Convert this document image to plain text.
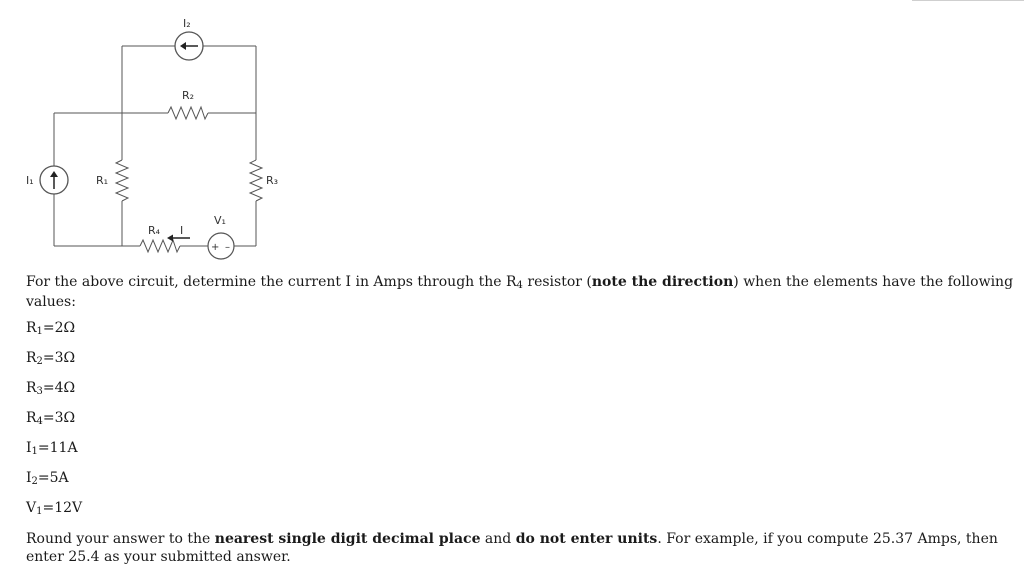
+ –
I₂
R₂
I₁	R₁	R₃
V₁
R₄ I

For the above circuit, determine the current I in Amps through the $R_4$ resistor (note the direction) when the elements have the following values:

$R_1=2\Omega$
$R_2=3\Omega$
$R_3=4\Omega$
$R_4=3\Omega$
$I_1=11A$
$I_2=5A$
$V_1=12V$

Round your answer to the nearest single digit decimal place and do not enter units. For example, if you compute 25.37 Amps, then enter 25.4 as your submitted answer.
